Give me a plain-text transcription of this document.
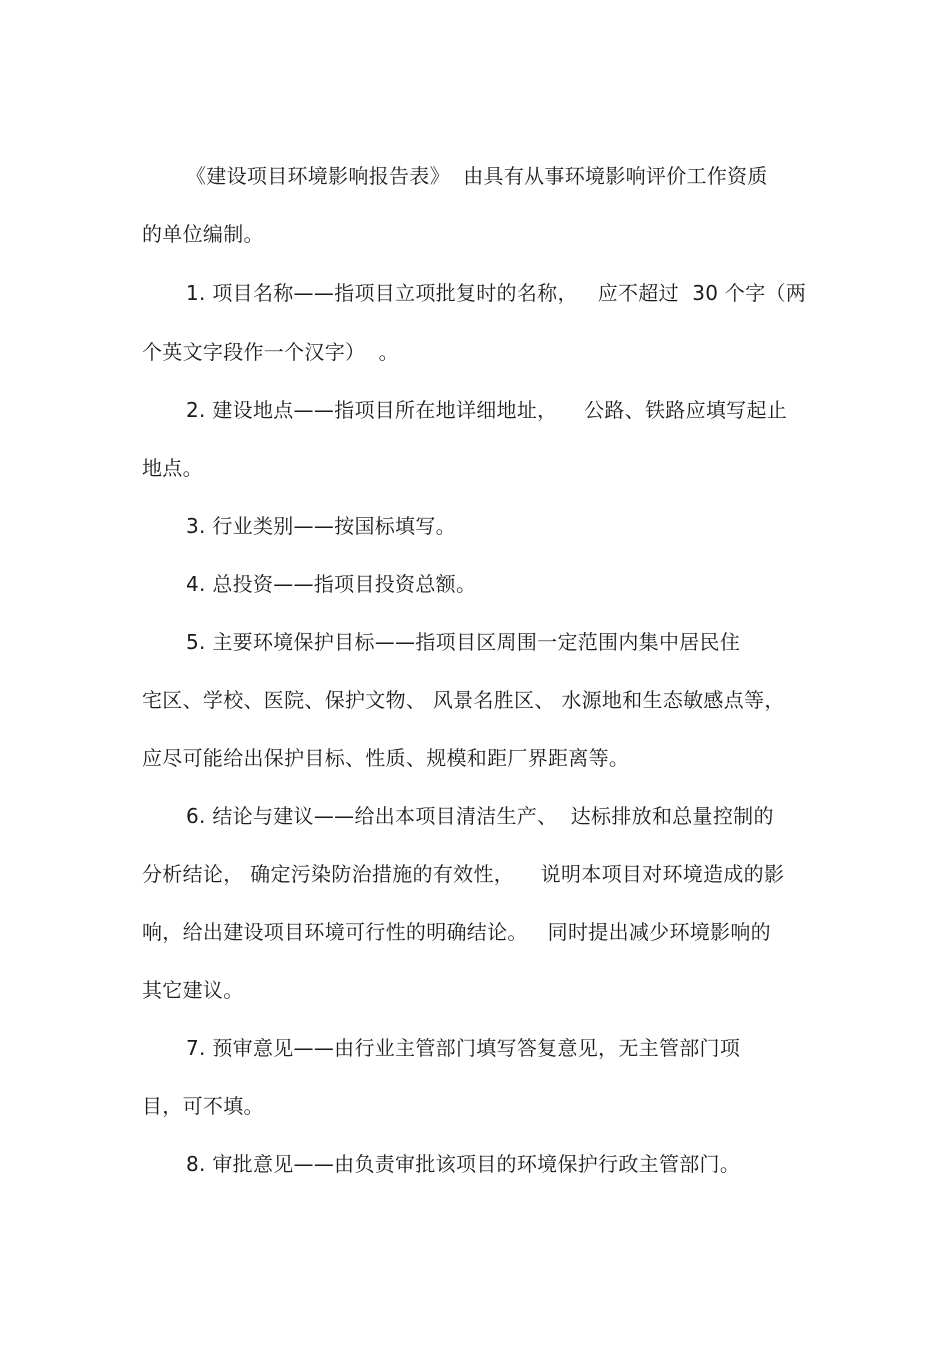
《建设项目环境影响报告表》  由具有从事环境影响评价工作资质
的单位编制。
1. 项目名称——指项目立项批复时的名称，   应不超过  30 个字（两
个英文字段作一个汉字）  。
2. 建设地点——指项目所在地详细地址，    公路、铁路应填写起止
地点。
3. 行业类别——按国标填写。
4. 总投资——指项目投资总额。
5. 主要环境保护目标——指项目区周围一定范围内集中居民住
宅区、学校、医院、保护文物、 风景名胜区、 水源地和生态敏感点等，
应尽可能给出保护目标、性质、规模和距厂界距离等。
6. 结论与建议——给出本项目清洁生产、  达标排放和总量控制的
分析结论， 确定污染防治措施的有效性，    说明本项目对环境造成的影
响，给出建设项目环境可行性的明确结论。   同时提出减少环境影响的
其它建议。
7. 预审意见——由行业主管部门填写答复意见，无主管部门项
目，可不填。
8. 审批意见——由负责审批该项目的环境保护行政主管部门。
